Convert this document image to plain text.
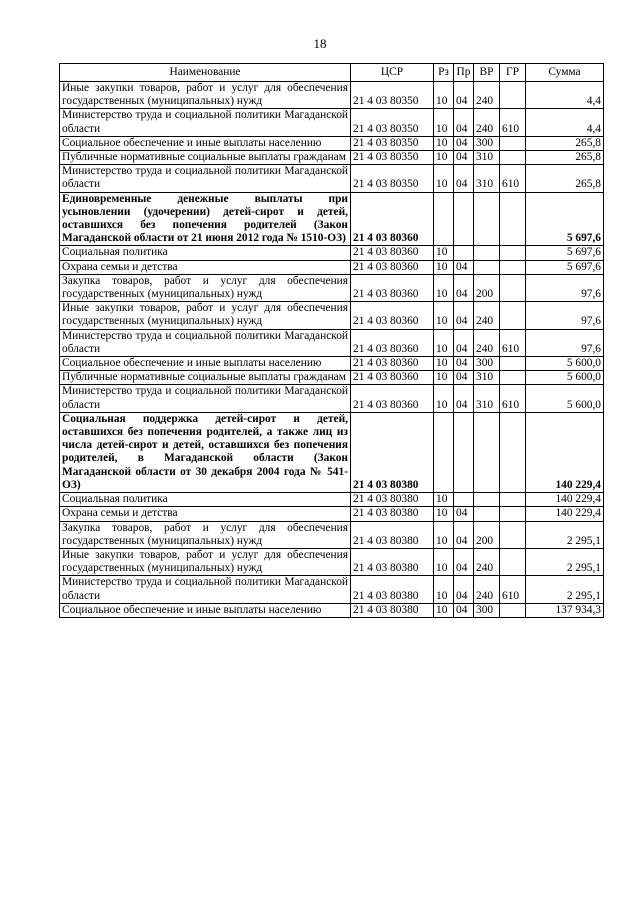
18
Наименование	ЦСР	Рз	Пр	ВР	ГР	Сумма
Иные закупки товаров, работ и услуг для обеспечения государственных (муниципальных) нужд	21 4 03 80350	10	04	240		4,4
Министерство труда и социальной политики Магаданской области	21 4 03 80350	10	04	240	610	4,4
Социальное обеспечение и иные выплаты населению	21 4 03 80350	10	04	300		265,8
Публичные нормативные социальные выплаты гражданам	21 4 03 80350	10	04	310		265,8
Министерство труда и социальной политики Магаданской области	21 4 03 80350	10	04	310	610	265,8
Единовременные денежные выплаты при усыновлении (удочерении) детей-сирот и детей, оставшихся без попечения родителей (Закон Магаданской области от 21 июня 2012 года № 1510-ОЗ)	21 4 03 80360					5 697,6
Социальная политика	21 4 03 80360	10				5 697,6
Охрана семьи и детства	21 4 03 80360	10	04			5 697,6
Закупка товаров, работ и услуг для обеспечения государственных (муниципальных) нужд	21 4 03 80360	10	04	200		97,6
Иные закупки товаров, работ и услуг для обеспечения государственных (муниципальных) нужд	21 4 03 80360	10	04	240		97,6
Министерство труда и социальной политики Магаданской области	21 4 03 80360	10	04	240	610	97,6
Социальное обеспечение и иные выплаты населению	21 4 03 80360	10	04	300		5 600,0
Публичные нормативные социальные выплаты гражданам	21 4 03 80360	10	04	310		5 600,0
Министерство труда и социальной политики Магаданской области	21 4 03 80360	10	04	310	610	5 600,0
Социальная поддержка детей-сирот и детей, оставшихся без попечения родителей, а также лиц из числа детей-сирот и детей, оставшихся без попечения родителей, в Магаданской области (Закон Магаданской области от 30 декабря 2004 года № 541-ОЗ)	21 4 03 80380					140 229,4
Социальная политика	21 4 03 80380	10				140 229,4
Охрана семьи и детства	21 4 03 80380	10	04			140 229,4
Закупка товаров, работ и услуг для обеспечения государственных (муниципальных) нужд	21 4 03 80380	10	04	200		2 295,1
Иные закупки товаров, работ и услуг для обеспечения государственных (муниципальных) нужд	21 4 03 80380	10	04	240		2 295,1
Министерство труда и социальной политики Магаданской области	21 4 03 80380	10	04	240	610	2 295,1
Социальное обеспечение и иные выплаты населению	21 4 03 80380	10	04	300		137 934,3
